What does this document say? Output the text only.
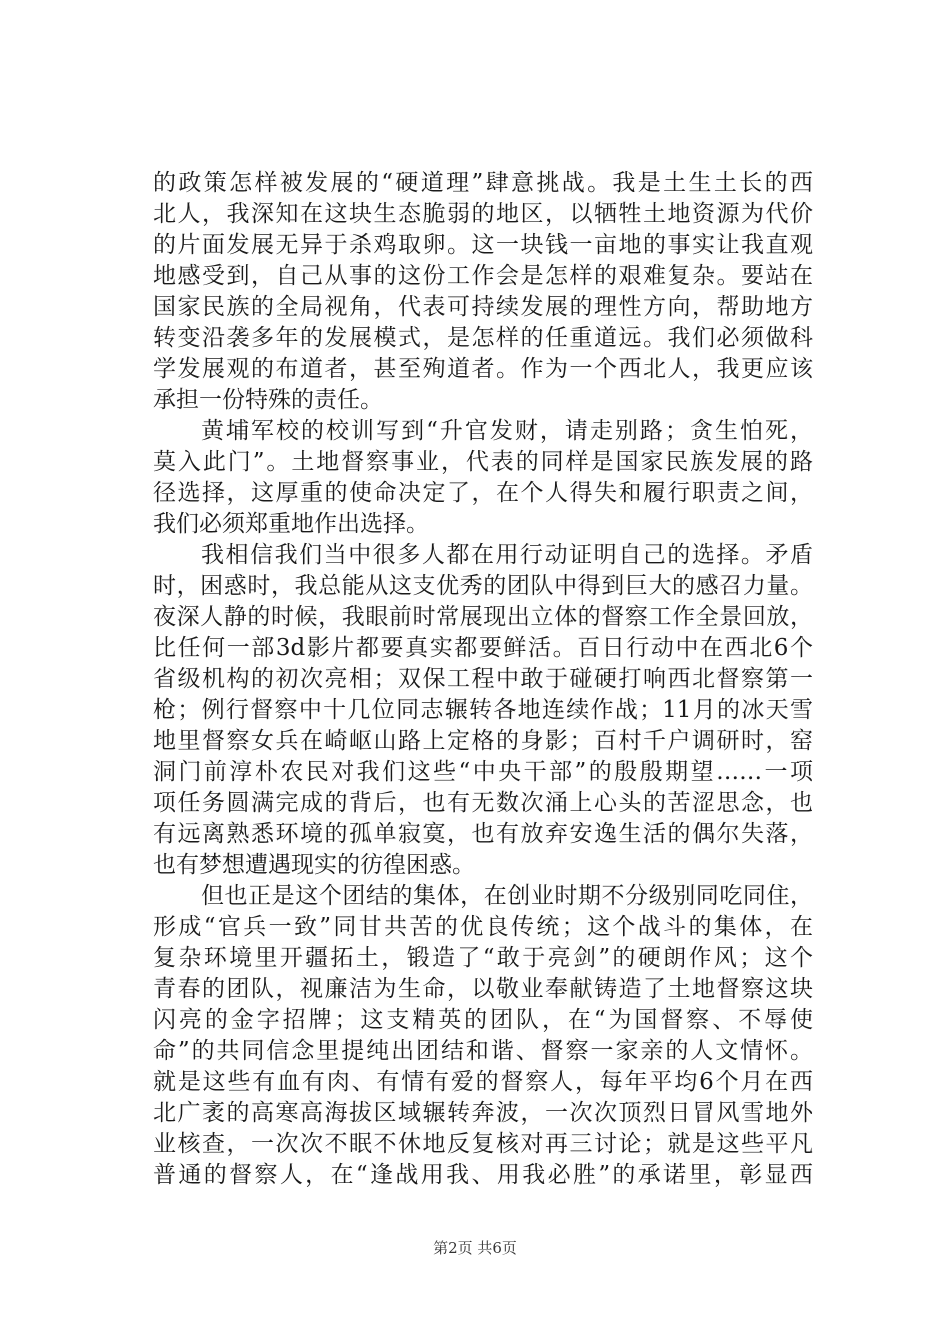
的政策怎样被发展的“硬道理”肆意挑战。我是土生土长的西
北人，我深知在这块生态脆弱的地区，以牺牲土地资源为代价
的片面发展无异于杀鸡取卵。这一块钱一亩地的事实让我直观
地感受到，自己从事的这份工作会是怎样的艰难复杂。要站在
国家民族的全局视角，代表可持续发展的理性方向，帮助地方
转变沿袭多年的发展模式，是怎样的任重道远。我们必须做科
学发展观的布道者，甚至殉道者。作为一个西北人，我更应该
承担一份特殊的责任。
黄埔军校的校训写到“升官发财，请走别路；贪生怕死，
莫入此门”。土地督察事业，代表的同样是国家民族发展的路
径选择，这厚重的使命决定了，在个人得失和履行职责之间，
我们必须郑重地作出选择。
我相信我们当中很多人都在用行动证明自己的选择。矛盾
时，困惑时，我总能从这支优秀的团队中得到巨大的感召力量。
夜深人静的时候，我眼前时常展现出立体的督察工作全景回放，
比任何一部3d影片都要真实都要鲜活。百日行动中在西北6个
省级机构的初次亮相；双保工程中敢于碰硬打响西北督察第一
枪；例行督察中十几位同志辗转各地连续作战；11月的冰天雪
地里督察女兵在崎岖山路上定格的身影；百村千户调研时，窑
洞门前淳朴农民对我们这些“中央干部”的殷殷期望……一项
项任务圆满完成的背后，也有无数次涌上心头的苦涩思念，也
有远离熟悉环境的孤单寂寞，也有放弃安逸生活的偶尔失落，
也有梦想遭遇现实的彷徨困惑。
但也正是这个团结的集体，在创业时期不分级别同吃同住，
形成“官兵一致”同甘共苦的优良传统；这个战斗的集体，在
复杂环境里开疆拓土，锻造了“敢于亮剑”的硬朗作风；这个
青春的团队，视廉洁为生命，以敬业奉献铸造了土地督察这块
闪亮的金字招牌；这支精英的团队，在“为国督察、不辱使
命”的共同信念里提纯出团结和谐、督察一家亲的人文情怀。
就是这些有血有肉、有情有爱的督察人，每年平均6个月在西
北广袤的高寒高海拔区域辗转奔波，一次次顶烈日冒风雪地外
业核查，一次次不眠不休地反复核对再三讨论；就是这些平凡
普通的督察人，在“逢战用我、用我必胜”的承诺里，彰显西
第2页 共6页
